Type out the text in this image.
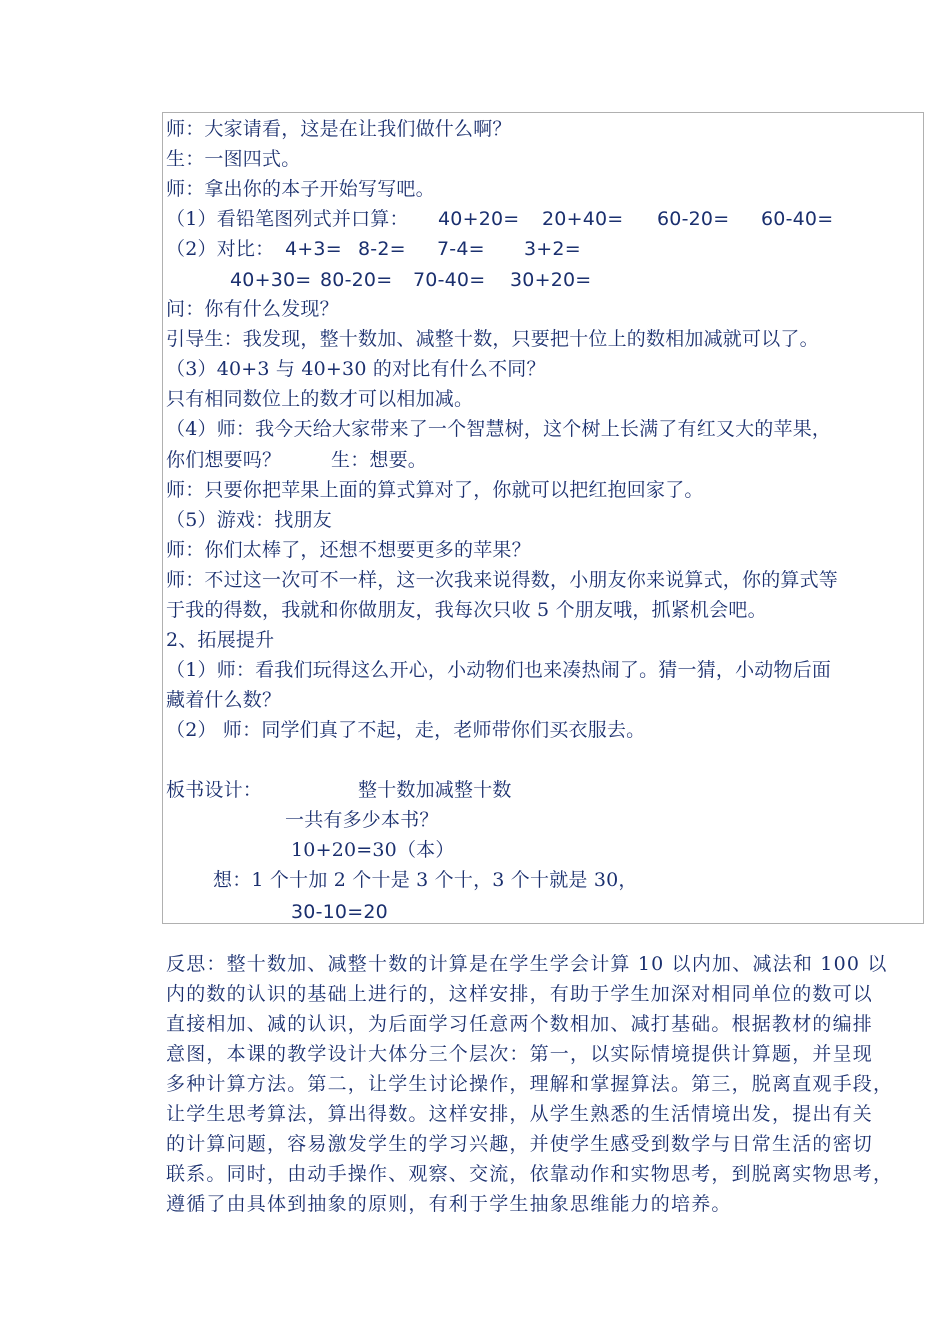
师：大家请看，这是在让我们做什么啊？
生：一图四式。
师：拿出你的本子开始写写吧。
（1）看铅笔图列式并口算： 40+20= 20+40= 60-20= 60-40=
（2）对比： 4+3= 8-2= 7-4= 3+2=
40+30= 80-20= 70-40= 30+20=
问：你有什么发现？
引导生：我发现，整十数加、减整十数，只要把十位上的数相加减就可以了。
（3）40+3 与 40+30 的对比有什么不同？
只有相同数位上的数才可以相加减。
（4）师：我今天给大家带来了一个智慧树，这个树上长满了有红又大的苹果，
你们想要吗？	生：想要。
师：只要你把苹果上面的算式算对了，你就可以把红抱回家了。
（5）游戏：找朋友
师：你们太棒了，还想不想要更多的苹果？
师：不过这一次可不一样，这一次我来说得数，小朋友你来说算式，你的算式等
于我的得数，我就和你做朋友，我每次只收 5 个朋友哦，抓紧机会吧。
2、拓展提升
（1）师：看我们玩得这么开心，小动物们也来凑热闹了。猜一猜，小动物后面
藏着什么数？
（2） 师：同学们真了不起，走，老师带你们买衣服去。
板书设计：	整十数加减整十数
一共有多少本书？
10+20=30（本）
想：1 个十加 2 个十是 3 个十，3 个十就是 30，
30-10=20
反思：整十数加、减整十数的计算是在学生学会计算 10 以内加、减法和 100 以
内的数的认识的基础上进行的，这样安排，有助于学生加深对相同单位的数可以
直接相加、减的认识，为后面学习任意两个数相加、减打基础。根据教材的编排
意图，本课的教学设计大体分三个层次：第一，以实际情境提供计算题，并呈现
多种计算方法。第二，让学生讨论操作，理解和掌握算法。第三，脱离直观手段，
让学生思考算法，算出得数。这样安排，从学生熟悉的生活情境出发，提出有关
的计算问题，容易激发学生的学习兴趣，并使学生感受到数学与日常生活的密切
联系。同时，由动手操作、观察、交流，依靠动作和实物思考，到脱离实物思考，
遵循了由具体到抽象的原则，有利于学生抽象思维能力的培养。
